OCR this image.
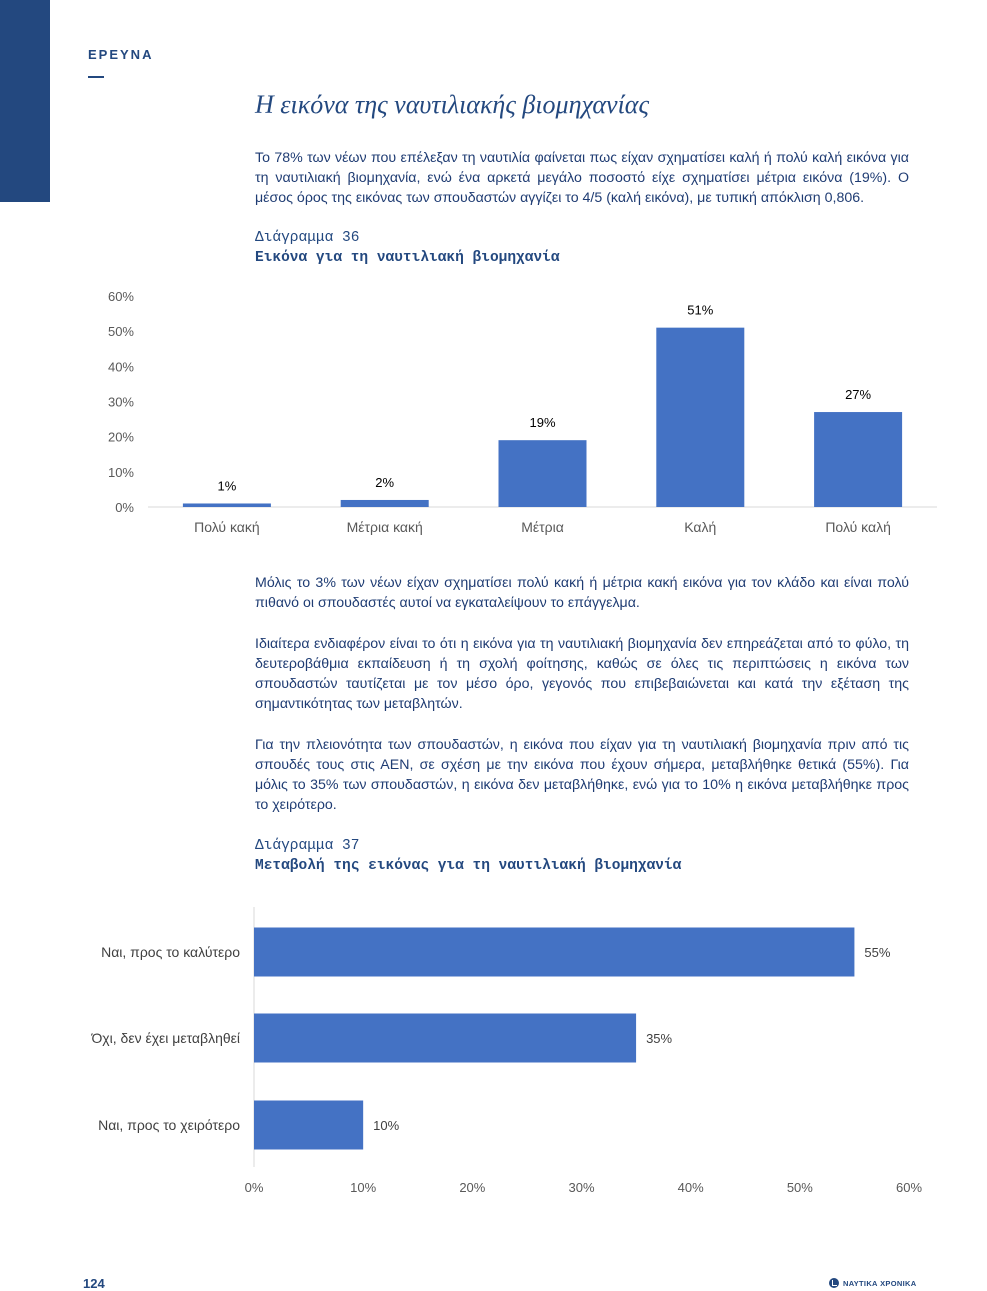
ΕΡΕΥΝΑ
Η εικόνα της ναυτιλιακής βιομηχανίας

Το 78% των νέων που επέλεξαν τη ναυτιλία φαίνεται πως είχαν σχηματίσει καλή ή πολύ καλή εικόνα για τη ναυτιλιακή βιομηχανία, ενώ ένα αρκετά μεγάλο ποσοστό είχε σχηματίσει μέτρια εικόνα (19%). Ο μέσος όρος της εικόνας των σπουδαστών αγγίζει το 4/5 (καλή εικόνα), με τυπική απόκλιση 0,806.

Διάγραμμα 36
Εικόνα για τη ναυτιλιακή βιομηχανία
0%
10%
20%
30%
40%
50%
60%
1%	2%
19%
51%
27%
Πολύ κακή	Μέτρια κακή	Μέτρια	Καλή	Πολύ καλή

Μόλις το 3% των νέων είχαν σχηματίσει πολύ κακή ή μέτρια κακή εικόνα για τον κλάδο και είναι πολύ πιθανό οι σπουδαστές αυτοί να εγκαταλείψουν το επάγγελμα.

Ιδιαίτερα ενδιαφέρον είναι το ότι η εικόνα για τη ναυτιλιακή βιομηχανία δεν επηρεάζεται από το φύλο, τη δευτεροβάθμια εκπαίδευση ή τη σχολή φοίτησης, καθώς σε όλες τις περιπτώσεις η εικόνα των σπουδαστών ταυτίζεται με τον μέσο όρο, γεγονός που επιβεβαιώνεται και κατά την εξέταση της σημαντικότητας των μεταβλητών.

Για την πλειονότητα των σπουδαστών, η εικόνα που είχαν για τη ναυτιλιακή βιομηχανία πριν από τις σπουδές τους στις ΑΕΝ, σε σχέση με την εικόνα που έχουν σήμερα, μεταβλήθηκε θετικά (55%). Για μόλις το 35% των σπουδαστών, η εικόνα δεν μεταβλήθηκε, ενώ για το 10% η εικόνα μεταβλήθηκε προς το χειρότερο.

Διάγραμμα 37
Μεταβολή της εικόνας για τη ναυτιλιακή βιομηχανία
55%
35%
10%
Ναι, προς το καλύτερο
Όχι, δεν έχει μεταβληθεί
Ναι, προς το χειρότερο
0%	10%	20%	30%	40%	50%	60%
124	ΝΑΥΤΙΚΑ ΧΡΟΝΙΚΑ
